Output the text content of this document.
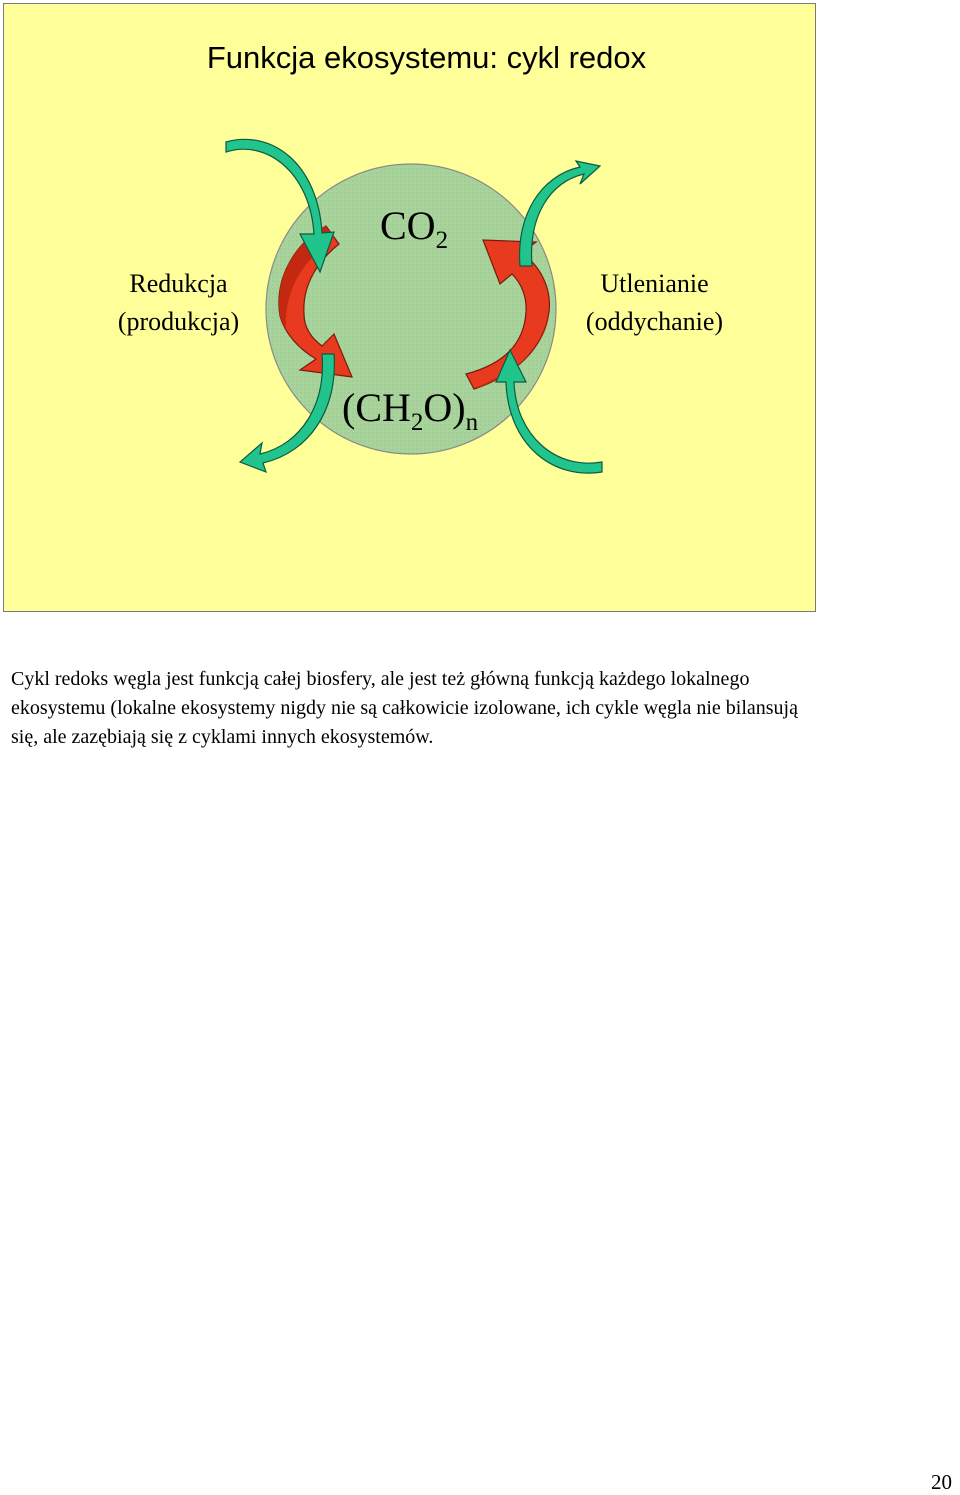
Funkcja ekosystemu: cykl redox
Redukcja
(produkcja)
Utlenianie
(oddychanie)
$CO_2$
$(CH_2O)_n$

Cykl redoks węgla jest funkcją całej biosfery, ale jest też główną funkcją każdego lokalnego ekosystemu (lokalne ekosystemy nigdy nie są całkowicie izolowane, ich cykle węgla nie bilansują się, ale zazębiają się z cyklami innych ekosystemów.

20
